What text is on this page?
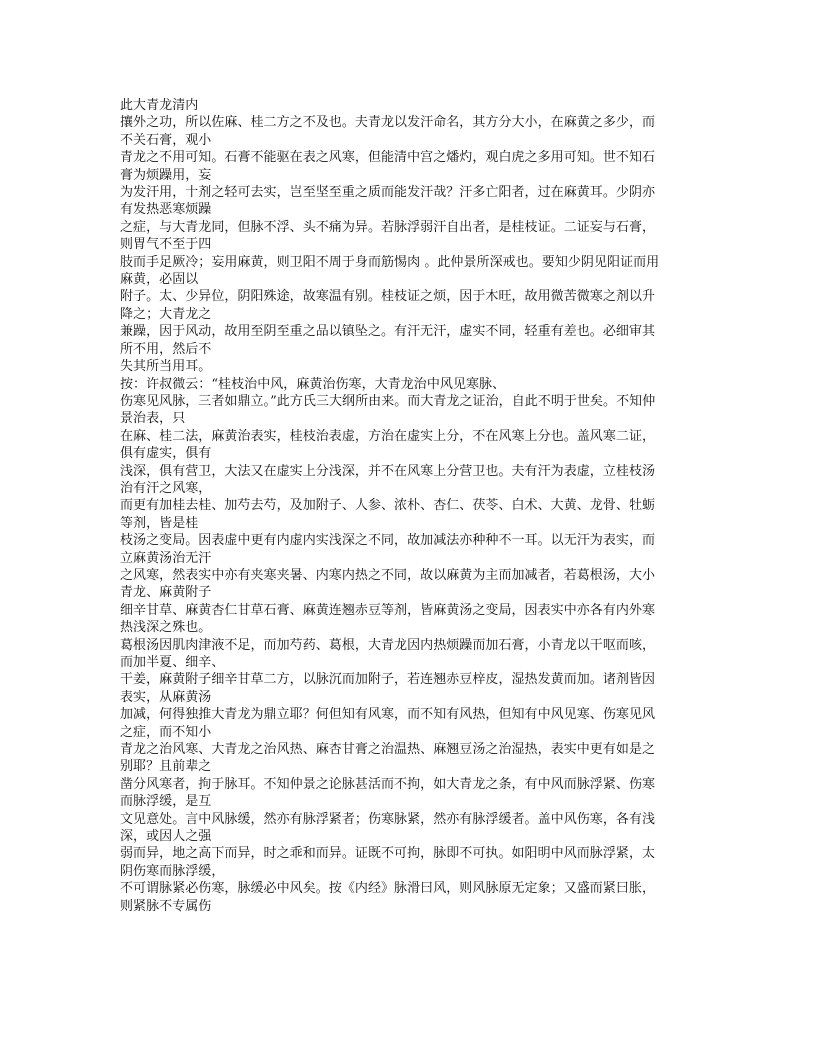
此大青龙清内
攘外之功，所以佐麻、桂二方之不及也。夫青龙以发汗命名，其方分大小，在麻黄之多少，而
不关石膏，观小
青龙之不用可知。石膏不能驱在表之风寒，但能清中宫之燔灼，观白虎之多用可知。世不知石
膏为烦躁用，妄
为发汗用，十剂之轻可去实，岂至坚至重之质而能发汗哉？汗多亡阳者，过在麻黄耳。少阴亦
有发热恶寒烦躁
之症，与大青龙同，但脉不浮、头不痛为异。若脉浮弱汗自出者，是桂枝证。二证妄与石膏，
则胃气不至于四
肢而手足厥冷；妄用麻黄，则卫阳不周于身而筋惕肉 。此仲景所深戒也。要知少阴见阳证而用
麻黄，必固以
附子。太、少异位，阴阳殊途，故寒温有别。桂枝证之烦，因于木旺，故用微苦微寒之剂以升
降之；大青龙之
兼躁，因于风动，故用至阴至重之品以镇坠之。有汗无汗，虚实不同，轻重有差也。必细审其
所不用，然后不
失其所当用耳。
按：许叔微云：“桂枝治中风，麻黄治伤寒，大青龙治中风见寒脉、
伤寒见风脉，三者如鼎立。”此方氏三大纲所由来。而大青龙之证治，自此不明于世矣。不知仲
景治表，只
在麻、桂二法，麻黄治表实，桂枝治表虚，方治在虚实上分，不在风寒上分也。盖风寒二证，
俱有虚实，俱有
浅深，俱有营卫，大法又在虚实上分浅深，并不在风寒上分营卫也。夫有汗为表虚，立桂枝汤
治有汗之风寒，
而更有加桂去桂、加芍去芍，及加附子、人参、浓朴、杏仁、茯苓、白术、大黄、龙骨、牡蛎
等剂，皆是桂
枝汤之变局。因表虚中更有内虚内实浅深之不同，故加减法亦种种不一耳。以无汗为表实，而
立麻黄汤治无汗
之风寒，然表实中亦有夹寒夹暑、内寒内热之不同，故以麻黄为主而加减者，若葛根汤，大小
青龙、麻黄附子
细辛甘草、麻黄杏仁甘草石膏、麻黄连翘赤豆等剂，皆麻黄汤之变局，因表实中亦各有内外寒
热浅深之殊也。
葛根汤因肌肉津液不足，而加芍药、葛根，大青龙因内热烦躁而加石膏，小青龙以干呕而咳，
而加半夏、细辛、
干姜，麻黄附子细辛甘草二方，以脉沉而加附子，若连翘赤豆梓皮，湿热发黄而加。诸剂皆因
表实，从麻黄汤
加减，何得独推大青龙为鼎立耶？何但知有风寒，而不知有风热，但知有中风见寒、伤寒见风
之症，而不知小
青龙之治风寒、大青龙之治风热、麻杏甘膏之治温热、麻翘豆汤之治湿热，表实中更有如是之
别耶？且前辈之
凿分风寒者，拘于脉耳。不知仲景之论脉甚活而不拘，如大青龙之条，有中风而脉浮紧、伤寒
而脉浮缓，是互
文见意处。言中风脉缓，然亦有脉浮紧者；伤寒脉紧，然亦有脉浮缓者。盖中风伤寒，各有浅
深，或因人之强
弱而异，地之高下而异，时之乖和而异。证既不可拘，脉即不可执。如阳明中风而脉浮紧，太
阴伤寒而脉浮缓，
不可谓脉紧必伤寒，脉缓必中风矣。按《内经》脉滑曰风，则风脉原无定象；又盛而紧曰胀，
则紧脉不专属伤
